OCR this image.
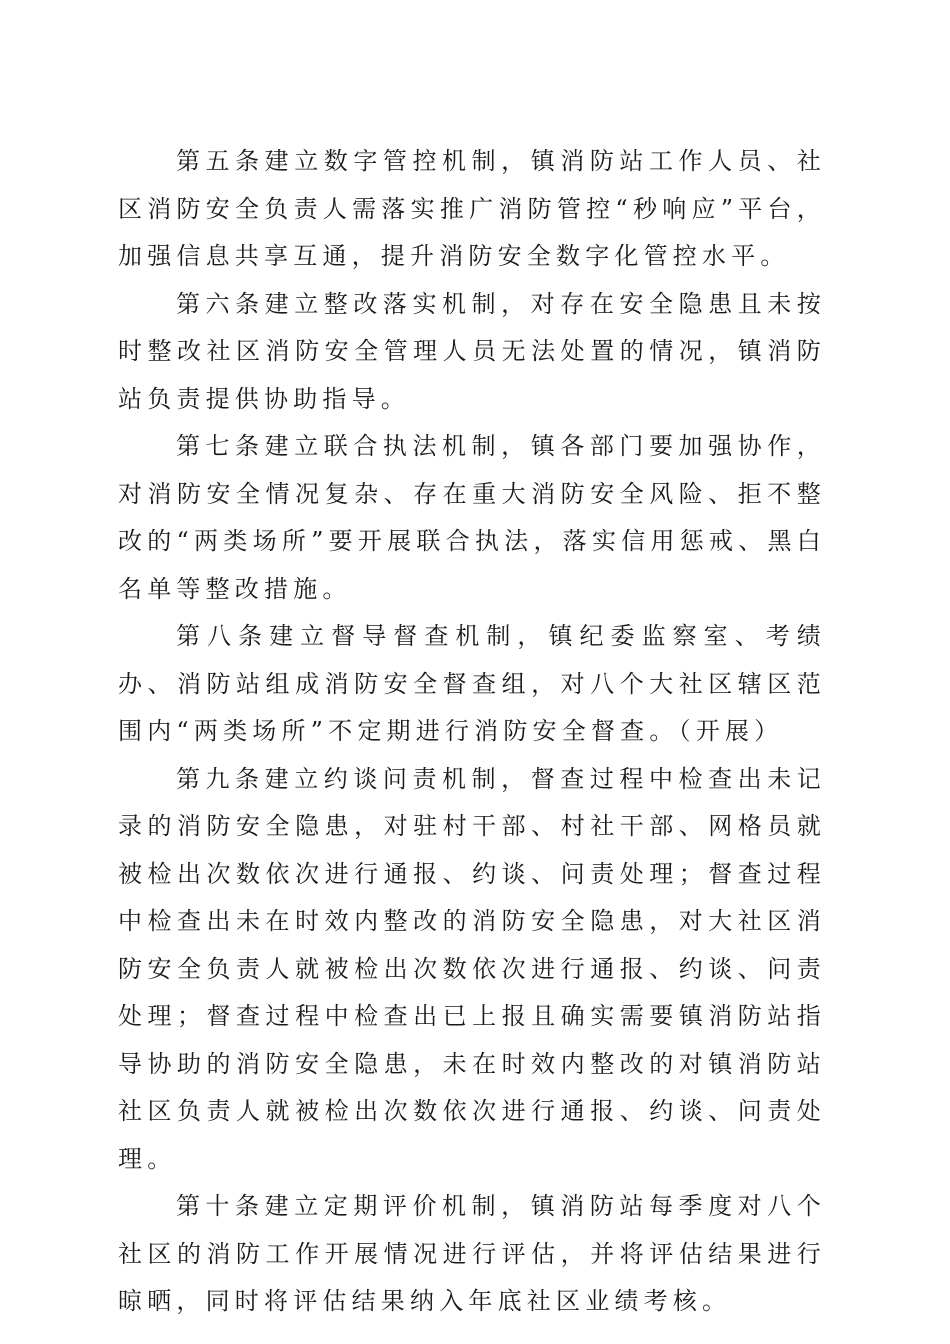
第五条建立数字管控机制，镇消防站工作人员、社区消防安全负责人需落实推广消防管控“秒响应”平台，加强信息共享互通，提升消防安全数字化管控水平。

第六条建立整改落实机制，对存在安全隐患且未按时整改社区消防安全管理人员无法处置的情况，镇消防站负责提供协助指导。

第七条建立联合执法机制，镇各部门要加强协作，对消防安全情况复杂、存在重大消防安全风险、拒不整改的“两类场所”要开展联合执法，落实信用惩戒、黑白名单等整改措施。

第八条建立督导督查机制，镇纪委监察室、考绩办、消防站组成消防安全督查组，对八个大社区辖区范围内“两类场所”不定期进行消防安全督查。（开展）

第九条建立约谈问责机制，督查过程中检查出未记录的消防安全隐患，对驻村干部、村社干部、网格员就被检出次数依次进行通报、约谈、问责处理；督查过程中检查出未在时效内整改的消防安全隐患，对大社区消防安全负责人就被检出次数依次进行通报、约谈、问责处理；督查过程中检查出已上报且确实需要镇消防站指导协助的消防安全隐患，未在时效内整改的对镇消防站社区负责人就被检出次数依次进行通报、约谈、问责处理。

第十条建立定期评价机制，镇消防站每季度对八个社区的消防工作开展情况进行评估，并将评估结果进行晾晒，同时将评估结果纳入年底社区业绩考核。
